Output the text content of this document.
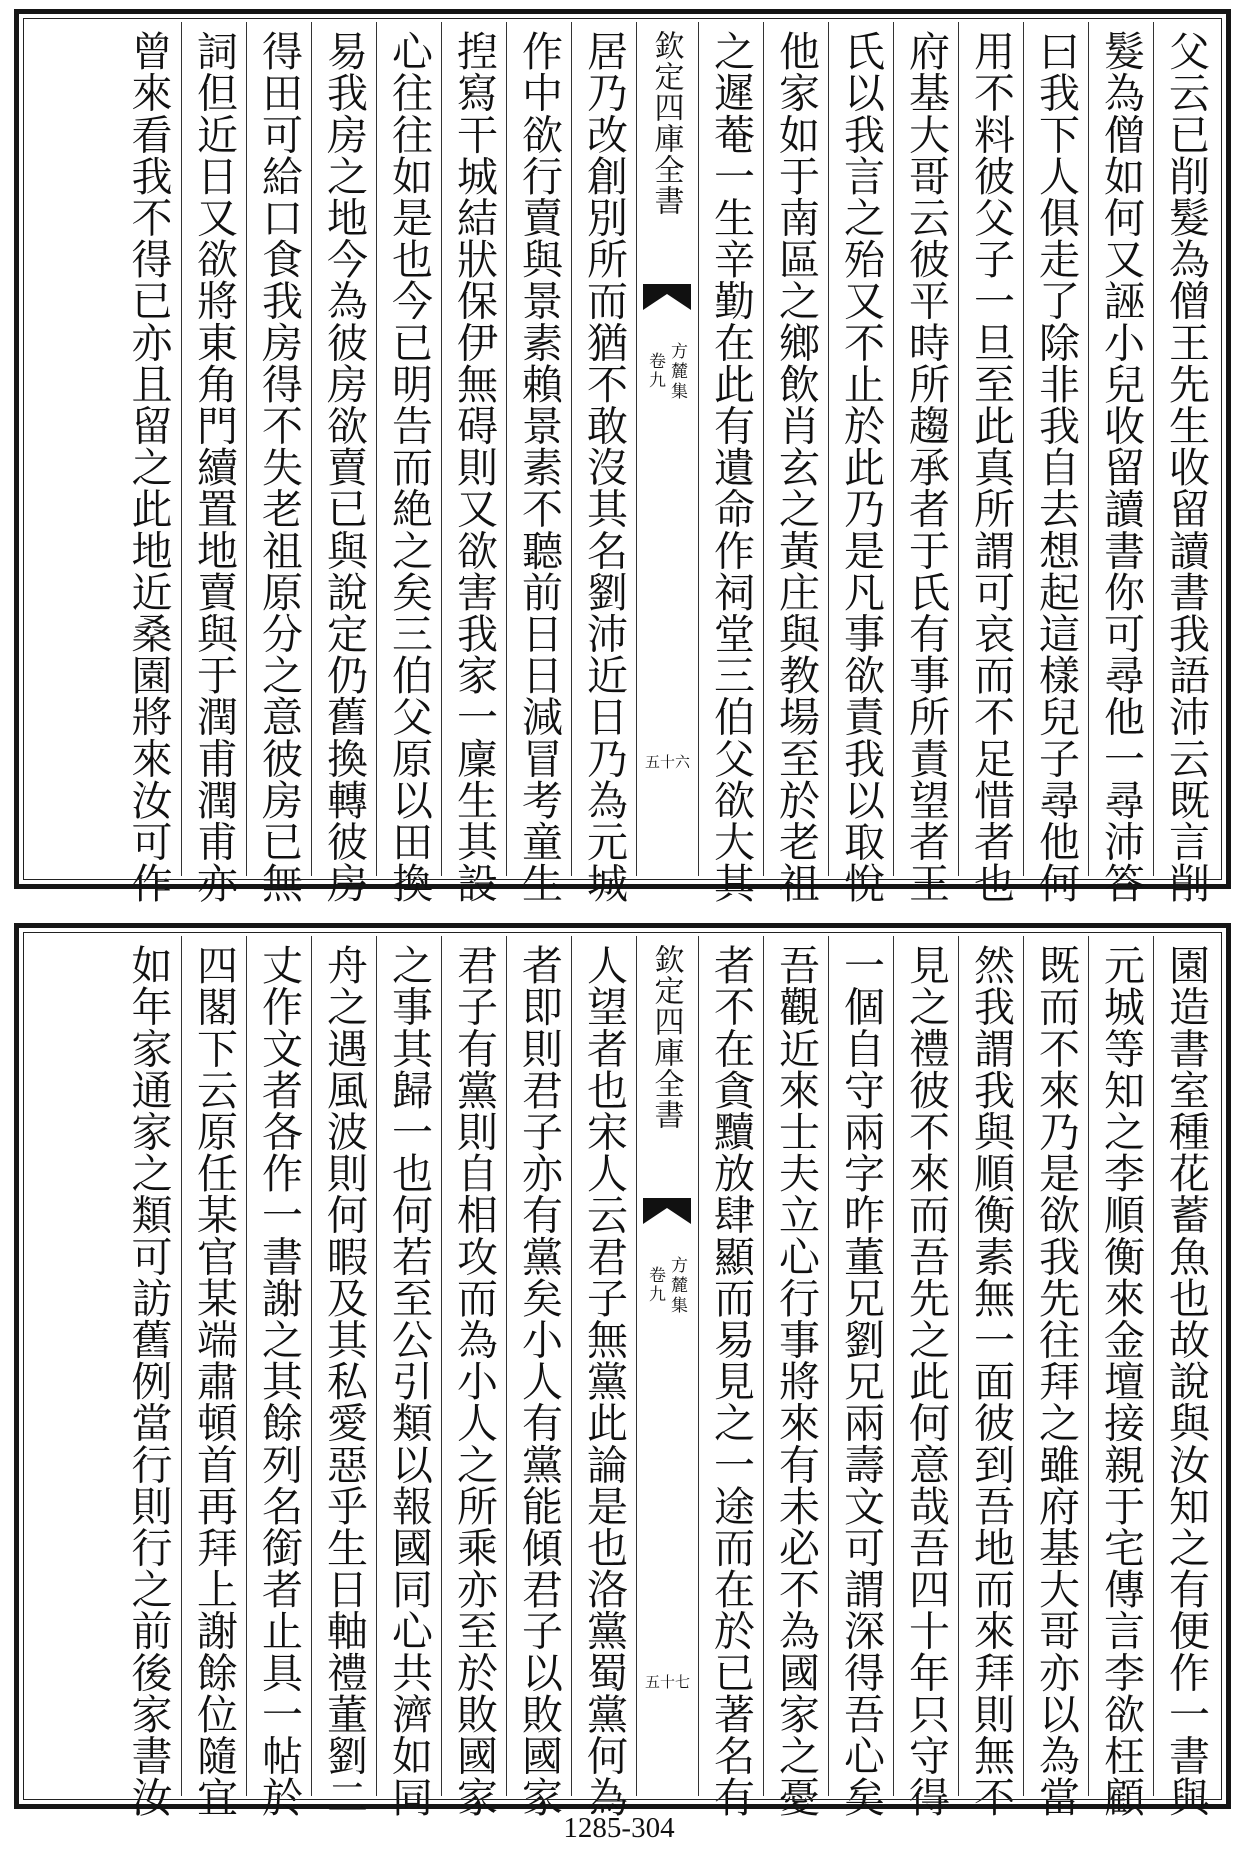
父云已削髮為僧王先生收留讀書我語沛云既言削
髮為僧如何又誣小兒收留讀書你可尋他一尋沛答
曰我下人俱走了除非我自去想起這樣兒子尋他何
用不料彼父子一旦至此真所謂可哀而不足惜者也
府基大哥云彼平時所趨承者于氏有事所責望者王
氏以我言之殆又不止於此乃是凡事欲責我以取悅
他家如于南區之鄉飲肖玄之黃庄與教場至於老祖
之遲菴一生辛勤在此有遺命作祠堂三伯父欲大其
欽定四庫全書
方麓集
卷九
五十六
居乃改創別所而猶不敢沒其名劉沛近日乃為元城
作中欲行賣與景素賴景素不聽前日日減冒考童生
揑寫干城結狀保伊無碍則又欲害我家一廩生其設
心往往如是也今已明告而絶之矣三伯父原以田換
易我房之地今為彼房欲賣已與說定仍舊換轉彼房
得田可給口食我房得不失老祖原分之意彼房已無
詞但近日又欲將東角門續置地賣與于潤甫潤甫亦
曾來看我不得已亦且留之此地近桑園將來汝可作
園造書室種花蓄魚也故說與汝知之有便作一書與
元城等知之李順衡來金壇接親于宅傳言李欲枉顧
既而不來乃是欲我先往拜之雖府基大哥亦以為當
然我謂我與順衡素無一面彼到吾地而來拜則無不
見之禮彼不來而吾先之此何意哉吾四十年只守得
一個自守兩字昨董兄劉兄兩壽文可謂深得吾心矣
吾觀近來士夫立心行事將來有未必不為國家之憂
者不在貪黷放肆顯而易見之一途而在於已著名有
欽定四庫全書
方麓集
卷九
五十七
人望者也宋人云君子無黨此論是也洛黨蜀黨何為
者即則君子亦有黨矣小人有黨能傾君子以敗國家
君子有黨則自相攻而為小人之所乘亦至於敗國家
之事其歸一也何若至公引類以報國同心共濟如同
舟之遇風波則何暇及其私愛惡乎生日軸禮董劉二
丈作文者各作一書謝之其餘列名銜者止具一帖於
四閣下云原任某官某端肅頓首再拜上謝餘位隨宜
如年家通家之類可訪舊例當行則行之前後家書汝
1285-304
